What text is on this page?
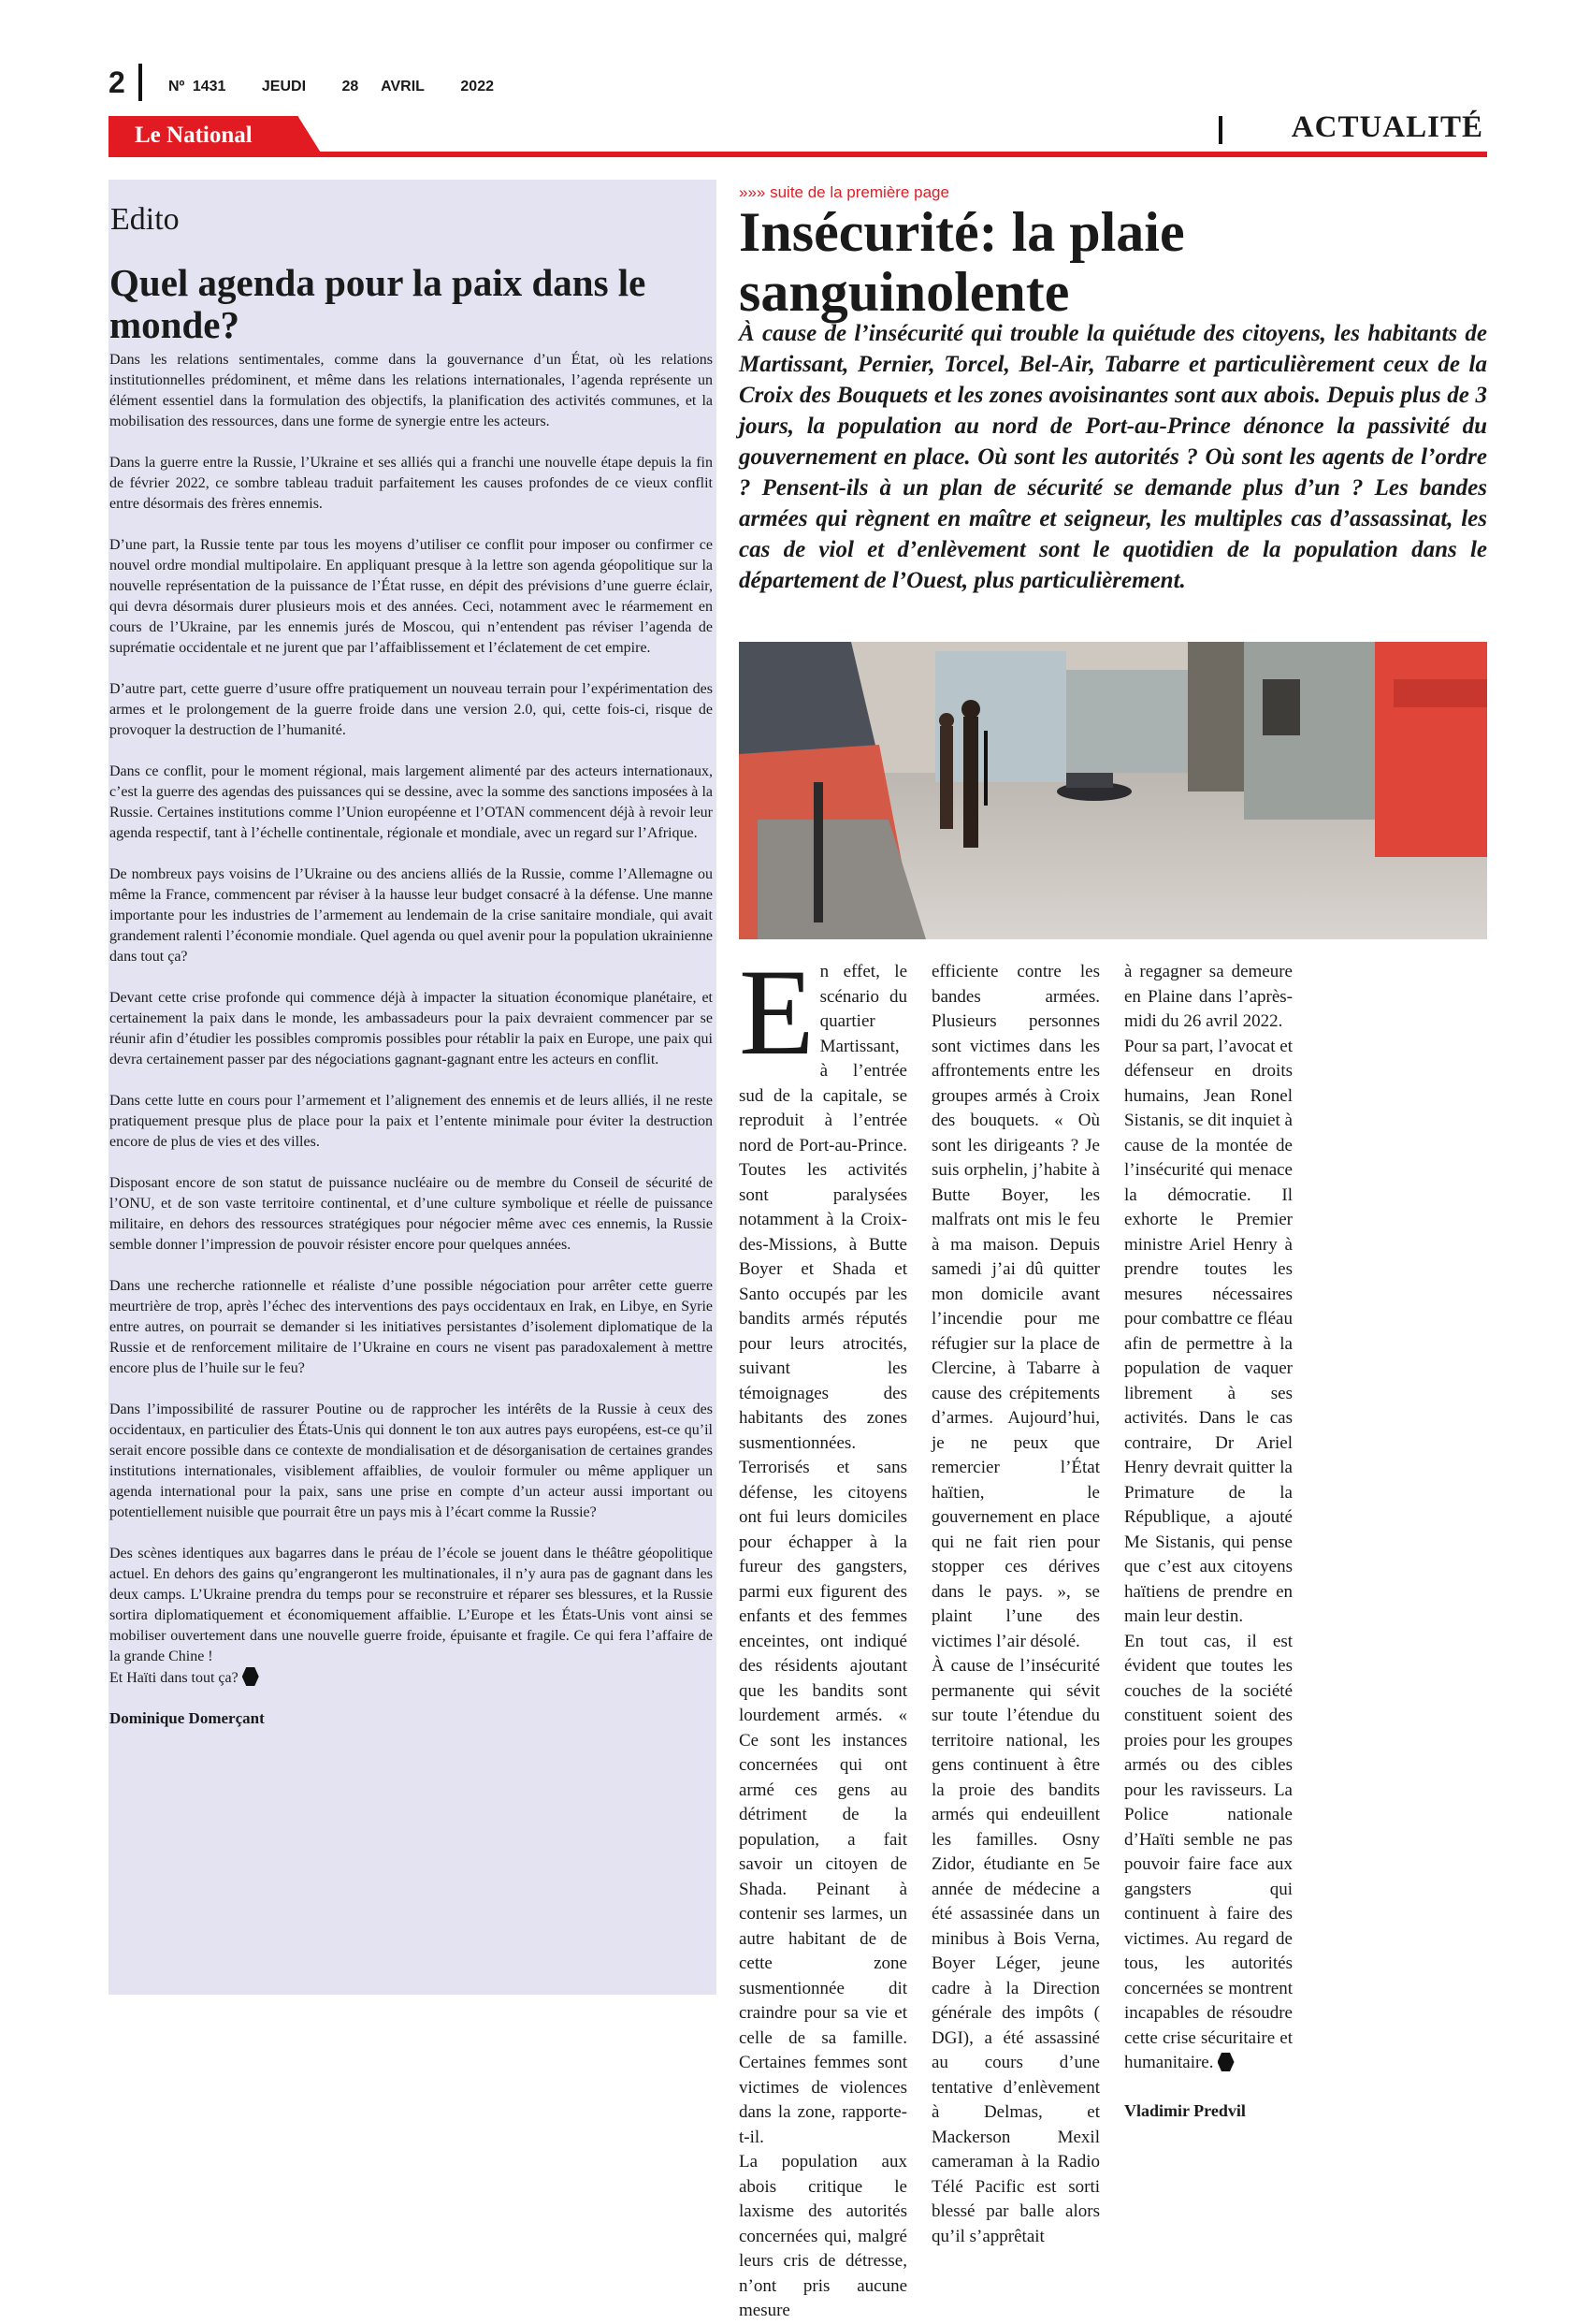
2	Nº 1431 JEUDI 28 AVRIL 2022
Le National	ACTUALITÉ
Edito
Quel agenda pour la paix dans le monde?

Dans les relations sentimentales, comme dans la gouvernance d’un État, où les relations institutionnelles prédominent, et même dans les relations internationales, l’agenda représente un élément essentiel dans la formulation des objectifs, la planification des activités communes, et la mobilisation des ressources, dans une forme de synergie entre les acteurs.

Dans la guerre entre la Russie, l’Ukraine et ses alliés qui a franchi une nouvelle étape depuis la fin de février 2022, ce sombre tableau traduit parfaitement les causes profondes de ce vieux conflit entre désormais des frères ennemis.

D’une part, la Russie tente par tous les moyens d’utiliser ce conflit pour imposer ou confirmer ce nouvel ordre mondial multipolaire. En appliquant presque à la lettre son agenda géopolitique sur la nouvelle représentation de la puissance de l’État russe, en dépit des prévisions d’une guerre éclair, qui devra désormais durer plusieurs mois et des années. Ceci, notamment avec le réarmement en cours de l’Ukraine, par les ennemis jurés de Moscou, qui n’entendent pas réviser l’agenda de suprématie occidentale et ne jurent que par l’affaiblissement et l’éclatement de cet empire.

D’autre part, cette guerre d’usure offre pratiquement un nouveau terrain pour l’expérimentation des armes et le prolongement de la guerre froide dans une version 2.0, qui, cette fois-ci, risque de provoquer la destruction de l’humanité.

Dans ce conflit, pour le moment régional, mais largement alimenté par des acteurs internationaux, c’est la guerre des agendas des puissances qui se dessine, avec la somme des sanctions imposées à la Russie. Certaines institutions comme l’Union européenne et l’OTAN commencent déjà à revoir leur agenda respectif, tant à l’échelle continentale, régionale et mondiale, avec un regard sur l’Afrique.

De nombreux pays voisins de l’Ukraine ou des anciens alliés de la Russie, comme l’Allemagne ou même la France, commencent par réviser à la hausse leur budget consacré à la défense. Une manne importante pour les industries de l’armement au lendemain de la crise sanitaire mondiale, qui avait grandement ralenti l’économie mondiale. Quel agenda ou quel avenir pour la population ukrainienne dans tout ça?

Devant cette crise profonde qui commence déjà à impacter la situation économique planétaire, et certainement la paix dans le monde, les ambassadeurs pour la paix devraient commencer par se réunir afin d’étudier les possibles compromis possibles pour rétablir la paix en Europe, une paix qui devra certainement passer par des négociations gagnant-gagnant entre les acteurs en conflit.

Dans cette lutte en cours pour l’armement et l’alignement des ennemis et de leurs alliés, il ne reste pratiquement presque plus de place pour la paix et l’entente minimale pour éviter la destruction encore de plus de vies et des villes.

Disposant encore de son statut de puissance nucléaire ou de membre du Conseil de sécurité de l’ONU, et de son vaste territoire continental, et d’une culture symbolique et réelle de puissance militaire, en dehors des ressources stratégiques pour négocier même avec ces ennemis, la Russie semble donner l’impression de pouvoir résister encore pour quelques années.

Dans une recherche rationnelle et réaliste d’une possible négociation pour arrêter cette guerre meurtrière de trop, après l’échec des interventions des pays occidentaux en Irak, en Libye, en Syrie entre autres, on pourrait se demander si les initiatives persistantes d’isolement diplomatique de la Russie et de renforcement militaire de l’Ukraine en cours ne visent pas paradoxalement à mettre encore plus de l’huile sur le feu?

Dans l’impossibilité de rassurer Poutine ou de rapprocher les intérêts de la Russie à ceux des occidentaux, en particulier des États-Unis qui donnent le ton aux autres pays européens, est-ce qu’il serait encore possible dans ce contexte de mondialisation et de désorganisation de certaines grandes institutions internationales, visiblement affaiblies, de vouloir formuler ou même appliquer un agenda international pour la paix, sans une prise en compte d’un acteur aussi important ou potentiellement nuisible que pourrait être un pays mis à l’écart comme la Russie?

Des scènes identiques aux bagarres dans le préau de l’école se jouent dans le théâtre géopolitique actuel. En dehors des gains qu’engrangeront les multinationales, il n’y aura pas de gagnant dans les deux camps. L’Ukraine prendra du temps pour se reconstruire et réparer ses blessures, et la Russie sortira diplomatiquement et économiquement affaiblie. L’Europe et les États-Unis vont ainsi se mobiliser ouvertement dans une nouvelle guerre froide, épuisante et fragile. Ce qui fera l’affaire de la grande Chine !

Et Haïti dans tout ça?

Dominique Domerçant
»»» suite de la première page
Insécurité: la plaie sanguinolente
À cause de l’insécurité qui trouble la quiétude des citoyens, les habitants de Martissant, Pernier, Torcel, Bel-Air, Tabarre et particulièrement ceux de la Croix des Bouquets et les zones avoisinantes sont aux abois. Depuis plus de 3 jours, la population au nord de Port-au-Prince dénonce la passivité du gouvernement en place. Où sont les autorités ? Où sont les agents de l’ordre ? Pensent-ils à un plan de sécurité se demande plus d’un ? Les bandes armées qui règnent en maître et seigneur, les multiples cas d’assassinat, les cas de viol et d’enlèvement sont le quotidien de la population dans le département de l’Ouest, plus particulièrement.

En effet, le scénario du quartier Martissant, à l’entrée sud de la capitale, se reproduit à l’entrée nord de Port-au-Prince. Toutes les activités sont paralysées notamment à la Croix-des-Missions, à Butte Boyer et Shada et Santo occupés par les bandits armés réputés pour leurs atrocités, suivant les témoignages des habitants des zones susmentionnées.

Terrorisés et sans défense, les citoyens ont fui leurs domiciles pour échapper à la fureur des gangsters, parmi eux figurent des enfants et des femmes enceintes, ont indiqué des résidents ajoutant que les bandits sont lourdement armés. « Ce sont les instances concernées qui ont armé ces gens au détriment de la population, a fait savoir un citoyen de Shada. Peinant à contenir ses larmes, un autre habitant de de cette zone susmentionnée dit craindre pour sa vie et celle de sa famille. Certaines femmes sont victimes de violences dans la zone, rapporte-t-il.

La population aux abois critique le laxisme des autorités concernées qui, malgré leurs cris de détresse, n’ont pris aucune mesure

efficiente contre les bandes armées. Plusieurs personnes sont victimes dans les affrontements entre les groupes armés à Croix des bouquets. « Où sont les dirigeants ? Je suis orphelin, j’habite à Butte Boyer, les malfrats ont mis le feu à ma maison. Depuis samedi j’ai dû quitter mon domicile avant l’incendie pour me réfugier sur la place de Clercine, à Tabarre à cause des crépitements d’armes. Aujourd’hui, je ne peux que remercier l’État haïtien, le gouvernement en place qui ne fait rien pour stopper ces dérives dans le pays. », se plaint l’une des victimes l’air désolé.

À cause de l’insécurité permanente qui sévit sur toute l’étendue du territoire national, les gens continuent à être la proie des bandits armés qui endeuillent les familles. Osny Zidor, étudiante en 5e année de médecine a été assassinée dans un minibus à Bois Verna, Boyer Léger, jeune cadre à la Direction générale des impôts ( DGI), a été assassiné au cours d’une tentative d’enlèvement à Delmas, et Mackerson Mexil cameraman à la Radio Télé Pacific est sorti blessé par balle alors qu’il s’apprêtait

à regagner sa demeure en Plaine dans l’après-midi du 26 avril 2022.

Pour sa part, l’avocat et défenseur en droits humains, Jean Ronel Sistanis, se dit inquiet à cause de la montée de l’insécurité qui menace la démocratie. Il exhorte le Premier ministre Ariel Henry à prendre toutes les mesures nécessaires pour combattre ce fléau afin de permettre à la population de vaquer librement à ses activités. Dans le cas contraire, Dr Ariel Henry devrait quitter la Primature de la République, a ajouté Me Sistanis, qui pense que c’est aux citoyens haïtiens de prendre en main leur destin.

En tout cas, il est évident que toutes les couches de la société constituent soient des proies pour les groupes armés ou des cibles pour les ravisseurs. La Police nationale d’Haïti semble ne pas pouvoir faire face aux gangsters qui continuent à faire des victimes. Au regard de tous, les autorités concernées se montrent incapables de résoudre cette crise sécuritaire et humanitaire.

Vladimir Predvil
